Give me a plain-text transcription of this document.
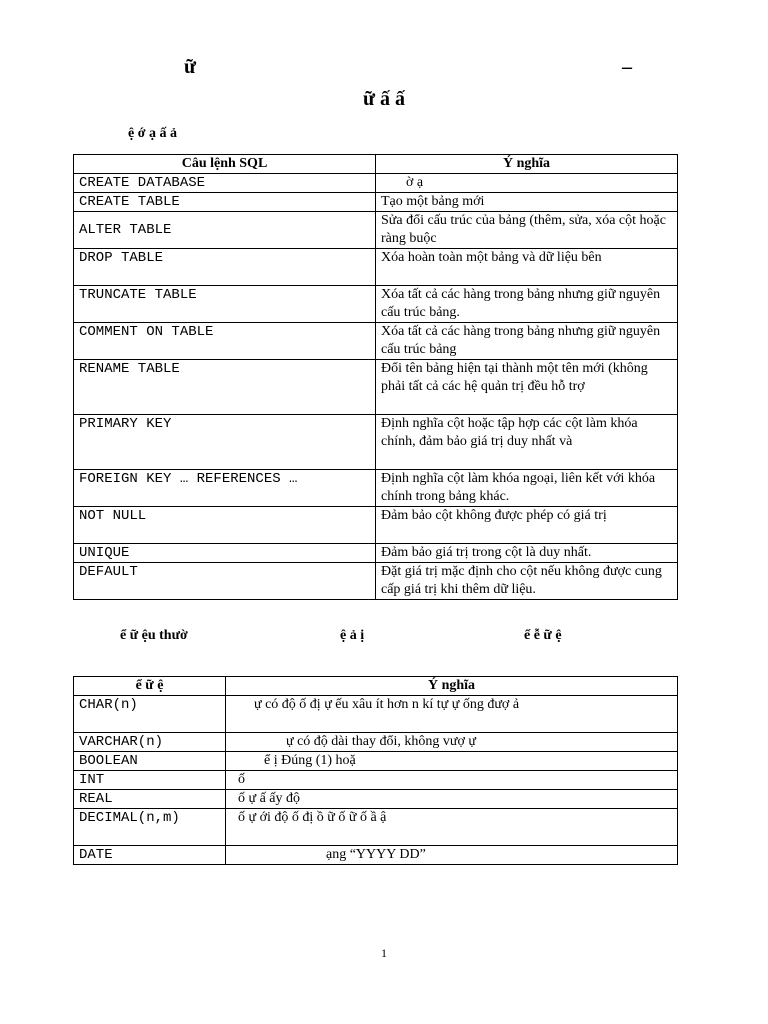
ữ	–
ữ ấ ấ
ệ ớ ạ ấ ả
Câu lệnh SQL	Ý nghĩa
CREATE DATABASE	ờ ạ
CREATE TABLE	Tạo một bảng mới
ALTER TABLE	Sửa đổi cấu trúc của bảng (thêm, sửa, xóa cột hoặc ràng buộc
DROP TABLE	Xóa hoàn toàn một bảng và dữ liệu bên
TRUNCATE TABLE	Xóa tất cả các hàng trong bảng nhưng giữ nguyên cấu trúc bảng.
COMMENT ON TABLE	Xóa tất cả các hàng trong bảng nhưng giữ nguyên cấu trúc bảng
RENAME TABLE	Đổi tên bảng hiện tại thành một tên mới (không phải tất cả các hệ quản trị đều hỗ trợ
PRIMARY KEY	Định nghĩa cột hoặc tập hợp các cột làm khóa chính, đảm bảo giá trị duy nhất và
FOREIGN KEY … REFERENCES …	Định nghĩa cột làm khóa ngoại, liên kết với khóa chính trong bảng khác.
NOT NULL	Đảm bảo cột không được phép có giá trị
UNIQUE	Đảm bảo giá trị trong cột là duy nhất.
DEFAULT	Đặt giá trị mặc định cho cột nếu không được cung cấp giá trị khi thêm dữ liệu.
ể ữ ệu thườ	ệ ả ị	ể ễ ữ ệ
ể ữ ệ	Ý nghĩa
CHAR(n)	ự có độ ố đị ự ếu xâu ít hơn n kí tự ự ống đượ ả
VARCHAR(n)	ự có độ dài thay đổi, không vượ ự
BOOLEAN	ể ị Đúng (1) hoặ
INT	ố
REAL	ố ự ấ ấy độ
DECIMAL(n,m)	ố ự ới độ ố đị ồ ữ ố ữ ố ầ ậ
DATE	ạng “YYYY DD”
1
